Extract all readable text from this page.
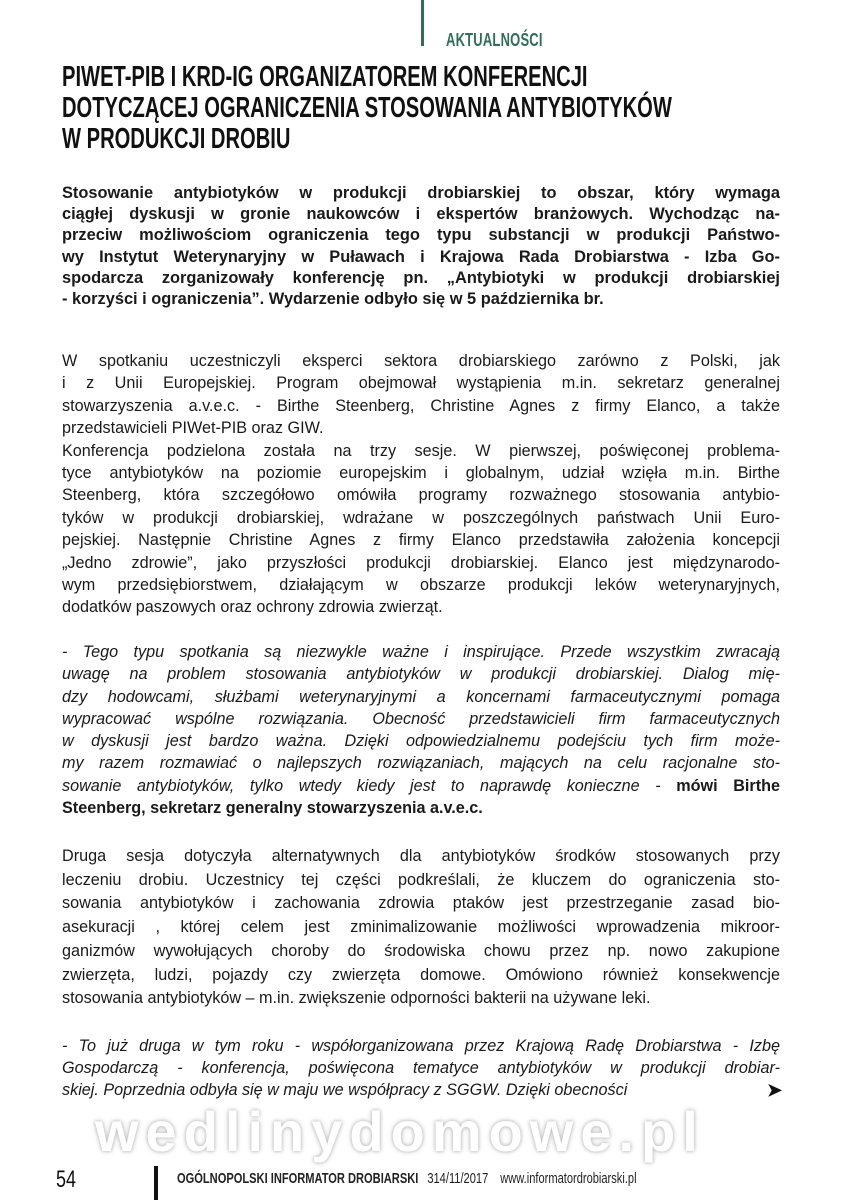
AKTUALNOŚCI
PIWET-PIB I KRD-IG ORGANIZATOREM KONFERENCJI
DOTYCZĄCEJ OGRANICZENIA STOSOWANIA ANTYBIOTYKÓW
W PRODUKCJI DROBIU
Stosowanie antybiotyków w produkcji drobiarskiej to obszar, który wymaga
ciągłej dyskusji w gronie naukowców i ekspertów branżowych. Wychodząc na-
przeciw możliwościom ograniczenia tego typu substancji w produkcji Państwo-
wy Instytut Weterynaryjny w Puławach i Krajowa Rada Drobiarstwa - Izba Go-
spodarcza zorganizowały konferencję pn. „Antybiotyki w produkcji drobiarskiej
- korzyści i ograniczenia”. Wydarzenie odbyło się w 5 października br.
W spotkaniu uczestniczyli eksperci sektora drobiarskiego zarówno z Polski, jak
i z Unii Europejskiej. Program obejmował wystąpienia m.in. sekretarz generalnej
stowarzyszenia a.v.e.c. - Birthe Steenberg, Christine Agnes z firmy Elanco, a także
przedstawicieli PIWet-PIB oraz GIW.
Konferencja podzielona została na trzy sesje. W pierwszej, poświęconej problema-
tyce antybiotyków na poziomie europejskim i globalnym, udział wzięła m.in. Birthe
Steenberg, która szczegółowo omówiła programy rozważnego stosowania antybio-
tyków w produkcji drobiarskiej, wdrażane w poszczególnych państwach Unii Euro-
pejskiej. Następnie Christine Agnes z firmy Elanco przedstawiła założenia koncepcji
„Jedno zdrowie”, jako przyszłości produkcji drobiarskiej. Elanco jest międzynarodo-
wym przedsiębiorstwem, działającym w obszarze produkcji leków weterynaryjnych,
dodatków paszowych oraz ochrony zdrowia zwierząt.
- Tego typu spotkania są niezwykle ważne i inspirujące. Przede wszystkim zwracają
uwagę na problem stosowania antybiotyków w produkcji drobiarskiej. Dialog mię-
dzy hodowcami, służbami weterynaryjnymi a koncernami farmaceutycznymi pomaga
wypracować wspólne rozwiązania. Obecność przedstawicieli firm farmaceutycznych
w dyskusji jest bardzo ważna. Dzięki odpowiedzialnemu podejściu tych firm może-
my razem rozmawiać o najlepszych rozwiązaniach, mających na celu racjonalne sto-
sowanie antybiotyków, tylko wtedy kiedy jest to naprawdę konieczne - mówi Birthe
Steenberg, sekretarz generalny stowarzyszenia a.v.e.c.
Druga sesja dotyczyła alternatywnych dla antybiotyków środków stosowanych przy
leczeniu drobiu. Uczestnicy tej części podkreślali, że kluczem do ograniczenia sto-
sowania antybiotyków i zachowania zdrowia ptaków jest przestrzeganie zasad bio-
asekuracji , której celem jest zminimalizowanie możliwości wprowadzenia mikroor-
ganizmów wywołujących choroby do środowiska chowu przez np. nowo zakupione
zwierzęta, ludzi, pojazdy czy zwierzęta domowe. Omówiono również konsekwencje
stosowania antybiotyków – m.in. zwiększenie odporności bakterii na używane leki.
- To już druga w tym roku - współorganizowana przez Krajową Radę Drobiarstwa - Izbę
Gospodarczą - konferencja, poświęcona tematyce antybiotyków w produkcji drobiar-
skiej. Poprzednia odbyła się w maju we współpracy z SGGW. Dzięki obecności	➤
wedlinydomowe.pl
54	OGÓLNOPOLSKI INFORMATOR DROBIARSKI 314/11/2017 www.informatordrobiarski.pl
